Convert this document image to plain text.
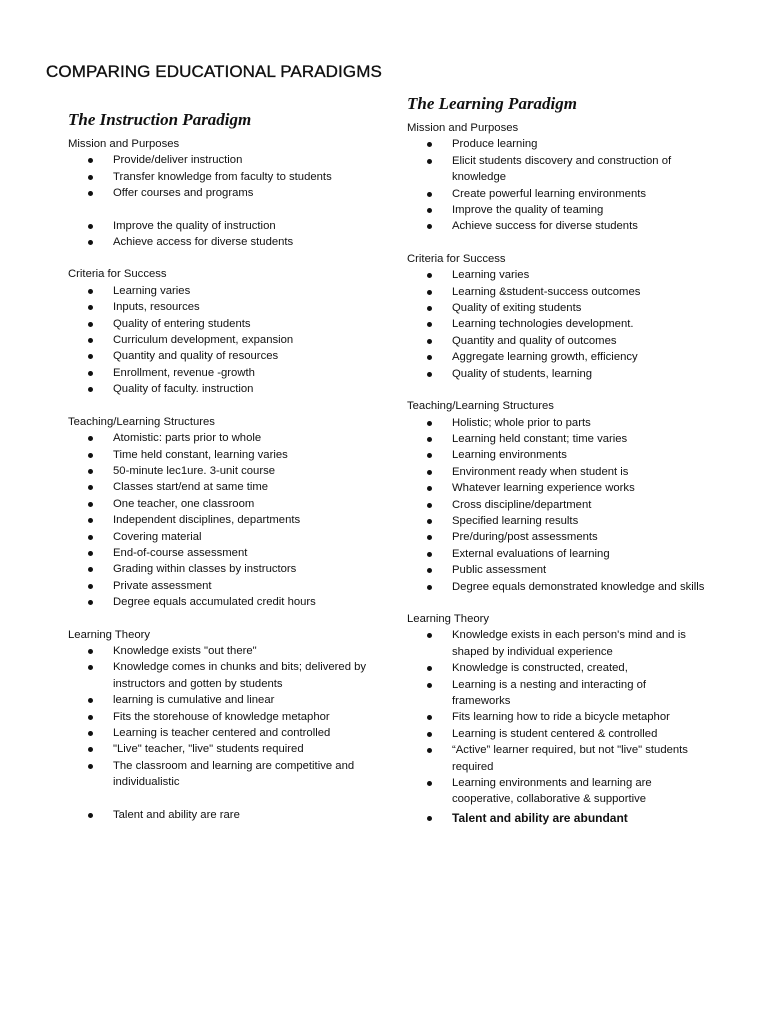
COMPARING EDUCATIONAL PARADIGMS
The Instruction Paradigm

Mission and Purposes

Provide/deliver instruction
Transfer knowledge from faculty to students
Offer courses and programs
Improve the quality of instruction
Achieve access for diverse students

Criteria for Success

Learning varies
Inputs, resources
Quality of entering students
Curriculum development, expansion
Quantity and quality of resources
Enrollment, revenue -growth
Quality of faculty. instruction

Teaching/Learning Structures

Atomistic: parts prior to whole
Time held constant, learning varies
50-minute lec1ure. 3-unit course
Classes start/end at same time
One teacher, one classroom
Independent disciplines, departments
Covering material
End-of-course assessment
Grading within classes by instructors
Private assessment
Degree equals accumulated credit hours

Learning Theory

Knowledge exists "out there"
Knowledge comes in chunks and bits; delivered by instructors and gotten by students
learning is cumulative and linear
Fits the storehouse of knowledge metaphor
Learning is teacher centered and controlled
"Live" teacher, "live" students required
The classroom and learning are competitive and individualistic
Talent and ability are rare
The Learning Paradigm

Mission and Purposes

Produce learning
Elicit students discovery and construction of knowledge
Create powerful learning environments
Improve the quality of teaming
Achieve success for diverse students

Criteria for Success

Learning varies
Learning &student-success outcomes
Quality of exiting students
Learning technologies development.
Quantity and quality of outcomes
Aggregate learning growth, efficiency
Quality of students, learning

Teaching/Learning Structures

Holistic; whole prior to parts
Learning held constant; time varies
Learning environments
Environment ready when student is
Whatever learning experience works
Cross discipline/department
Specified learning results
Pre/during/post assessments
External evaluations of learning
Public assessment
Degree equals demonstrated knowledge and skills

Learning Theory

Knowledge exists in each person's mind and is shaped by individual experience
Knowledge is constructed, created,
Learning is a nesting and interacting of frameworks
Fits learning how to ride a bicycle metaphor
Learning is student centered & controlled
“Active” learner required, but not "live" students required
Learning environments and learning are cooperative, collaborative & supportive
Talent and ability are abundant
